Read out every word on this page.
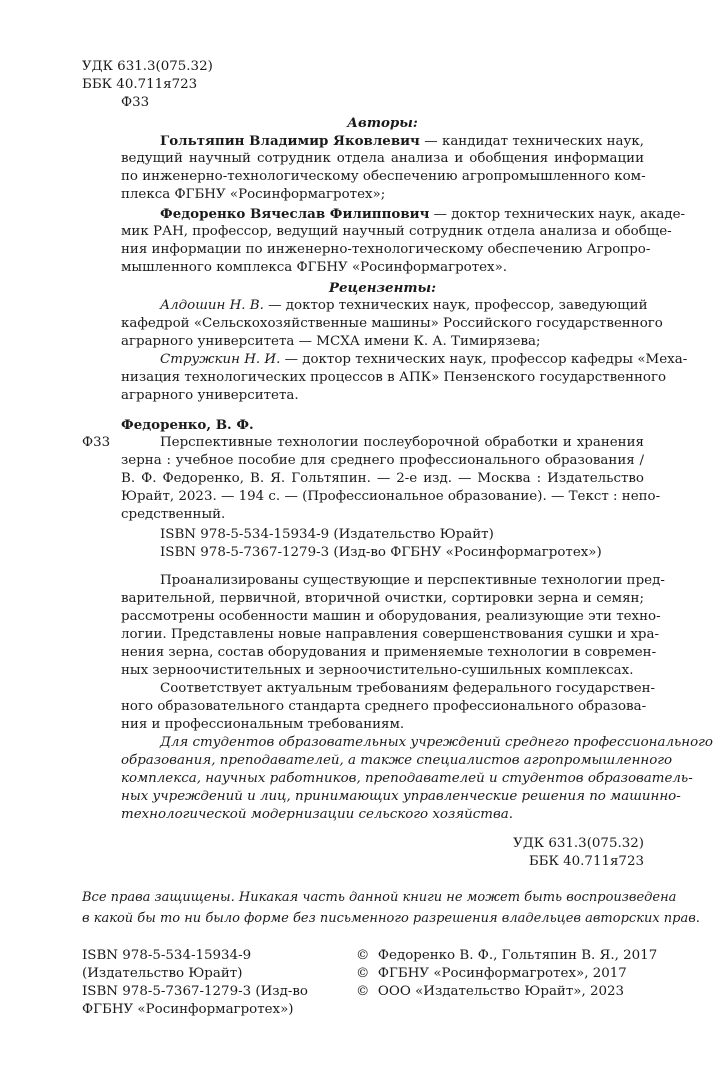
УДК 631.3(075.32)

ББК 40.711я723

Ф33

Авторы:

Гольтяпин Владимир Яковлевич — кандидат технических наук,

ведущий научный сотрудник отдела анализа и обобщения информации

по инженерно-технологическому обеспечению агропромышленного ком-

плекса ФГБНУ «Росинформагротех»;

Федоренко Вячеслав Филиппович — доктор технических наук, акаде-

мик РАН, профессор, ведущий научный сотрудник отдела анализа и обобще-

ния информации по инженерно-технологическому обеспечению Агропро-

мышленного комплекса ФГБНУ «Росинформагротех».

Рецензенты:

Алдошин Н. В. — доктор технических наук, профессор, заведующий

кафедрой «Сельскохозяйственные машины» Российского государственного

аграрного университета — МСХА имени К. А. Тимирязева;

Стружкин Н. И. — доктор технических наук, профессор кафедры «Меха-

низация технологических процессов в АПК» Пензенского государственного

аграрного университета.

Федоренко, В. Ф.

Ф33	Перспективные технологии послеуборочной обработки и хранения

зерна : учебное пособие для среднего профессионального образования /

В. Ф. Федоренко, В. Я. Гольтяпин. — 2-е изд. — Москва : Издательство

Юрайт, 2023. — 194 с. — (Профессиональное образование). — Текст : непо-

средственный.

ISBN 978-5-534-15934-9 (Издательство Юрайт)

ISBN 978-5-7367-1279-3 (Изд-во ФГБНУ «Росинформагротех»)

Проанализированы существующие и перспективные технологии пред-

варительной, первичной, вторичной очистки, сортировки зерна и семян;

рассмотрены особенности машин и оборудования, реализующие эти техно-

логии. Представлены новые направления совершенствования сушки и хра-

нения зерна, состав оборудования и применяемые технологии в современ-

ных зерноочистительных и зерноочистительно-сушильных комплексах.

Соответствует актуальным требованиям федерального государствен-

ного образовательного стандарта среднего профессионального образова-

ния и профессиональным требованиям.

Для студентов образовательных учреждений среднего профессионального

образования, преподавателей, а также специалистов агропромышленного

комплекса, научных работников, преподавателей и студентов образователь-

ных учреждений и лиц, принимающих управленческие решения по машинно-

технологической модернизации сельского хозяйства.

УДК 631.3(075.32)

ББК 40.711я723

Все права защищены. Никакая часть данной книги не может быть воспроизведена

в какой бы то ни было форме без письменного разрешения владельцев авторских прав.

ISBN 978-5-534-15934-9

(Издательство Юрайт)

ISBN 978-5-7367-1279-3 (Изд-во

ФГБНУ «Росинформагротех»)

©  Федоренко В. Ф., Гольтяпин В. Я., 2017

©  ФГБНУ «Росинформагротех», 2017

©  ООО «Издательство Юрайт», 2023
